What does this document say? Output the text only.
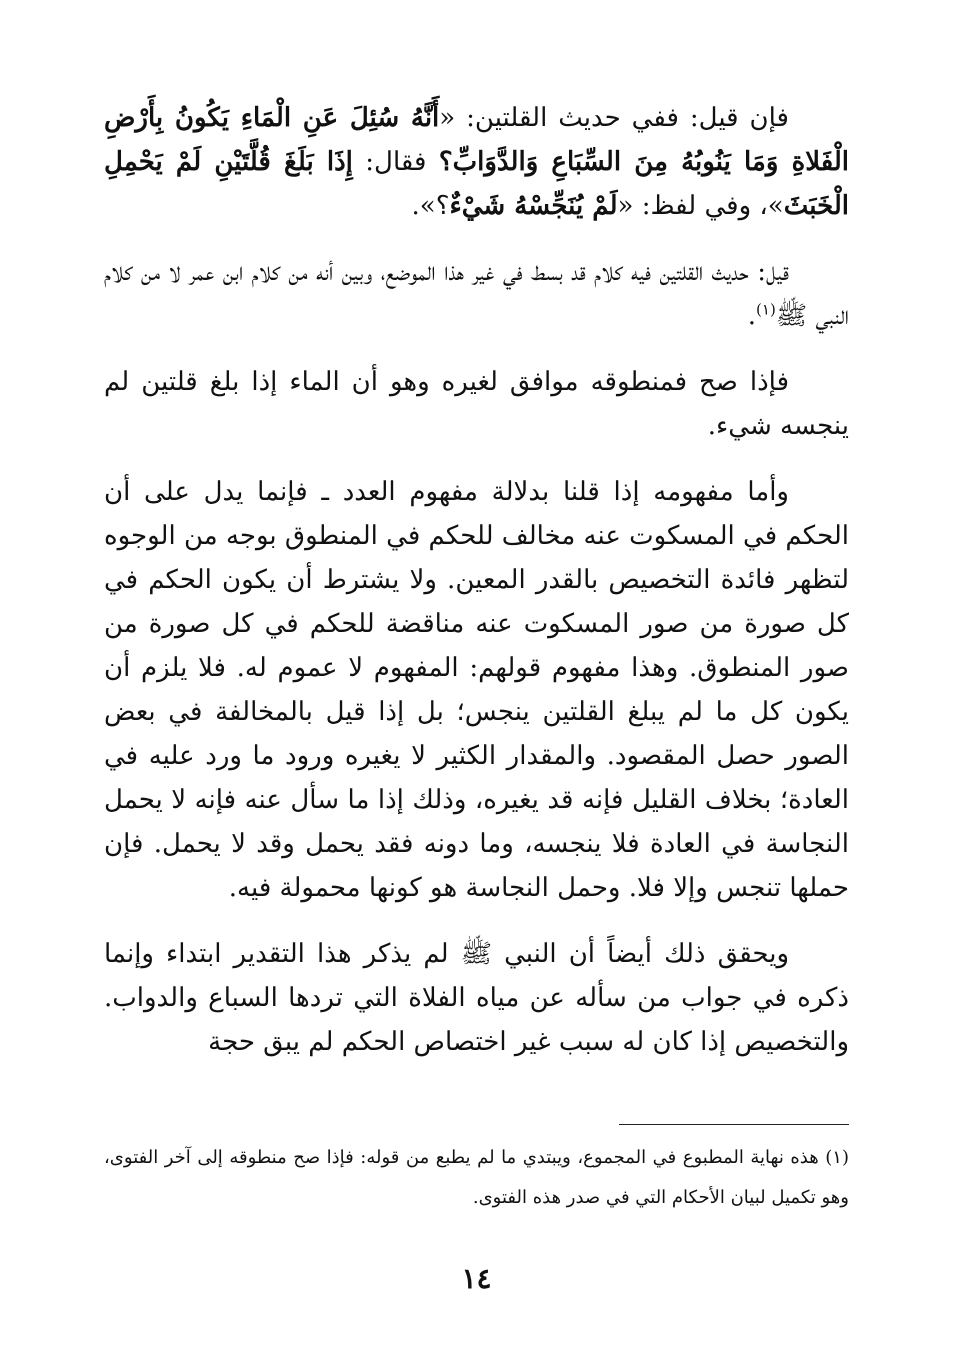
فإن قيل: ففي حديث القلتين: «أَنَّهُ سُئِلَ عَنِ الْمَاءِ يَكُونُ بِأَرْضِ الْفَلاةِ وَمَا يَنُوبُهُ مِنَ السِّبَاعِ وَالدَّوَابِّ؟ فقال: إِذَا بَلَغَ قُلَّتَيْنِ لَمْ يَحْمِلِ الْخَبَثَ»، وفي لفظ: «لَمْ يُنَجِّسْهُ شَيْءٌ؟».

قيل: حديث القلتين فيه كلام قد بسط في غير هذا الموضع، وبين أنه من كلام ابن عمر لا من كلام النبي ﷺ$^{(١)}$.

فإذا صح فمنطوقه موافق لغيره وهو أن الماء إذا بلغ قلتين لم ينجسه شيء.

وأما مفهومه إذا قلنا بدلالة مفهوم العدد ـ فإنما يدل على أن الحكم في المسكوت عنه مخالف للحكم في المنطوق بوجه من الوجوه لتظهر فائدة التخصيص بالقدر المعين. ولا يشترط أن يكون الحكم في كل صورة من صور المسكوت عنه مناقضة للحكم في كل صورة من صور المنطوق. وهذا مفهوم قولهم: المفهوم لا عموم له. فلا يلزم أن يكون كل ما لم يبلغ القلتين ينجس؛ بل إذا قيل بالمخالفة في بعض الصور حصل المقصود. والمقدار الكثير لا يغيره ورود ما ورد عليه في العادة؛ بخلاف القليل فإنه قد يغيره، وذلك إذا ما سأل عنه فإنه لا يحمل النجاسة في العادة فلا ينجسه، وما دونه فقد يحمل وقد لا يحمل. فإن حملها تنجس وإلا فلا. وحمل النجاسة هو كونها محمولة فيه.

ويحقق ذلك أيضاً أن النبي ﷺ لم يذكر هذا التقدير ابتداء وإنما ذكره في جواب من سأله عن مياه الفلاة التي تردها السباع والدواب. والتخصيص إذا كان له سبب غير اختصاص الحكم لم يبق حجة

(١) هذه نهاية المطبوع في المجموع، ويبتدي ما لم يطبع من قوله: فإذا صح منطوقه إلى آخر الفتوى، وهو تكميل لبيان الأحكام التي في صدر هذه الفتوى.

١٤
